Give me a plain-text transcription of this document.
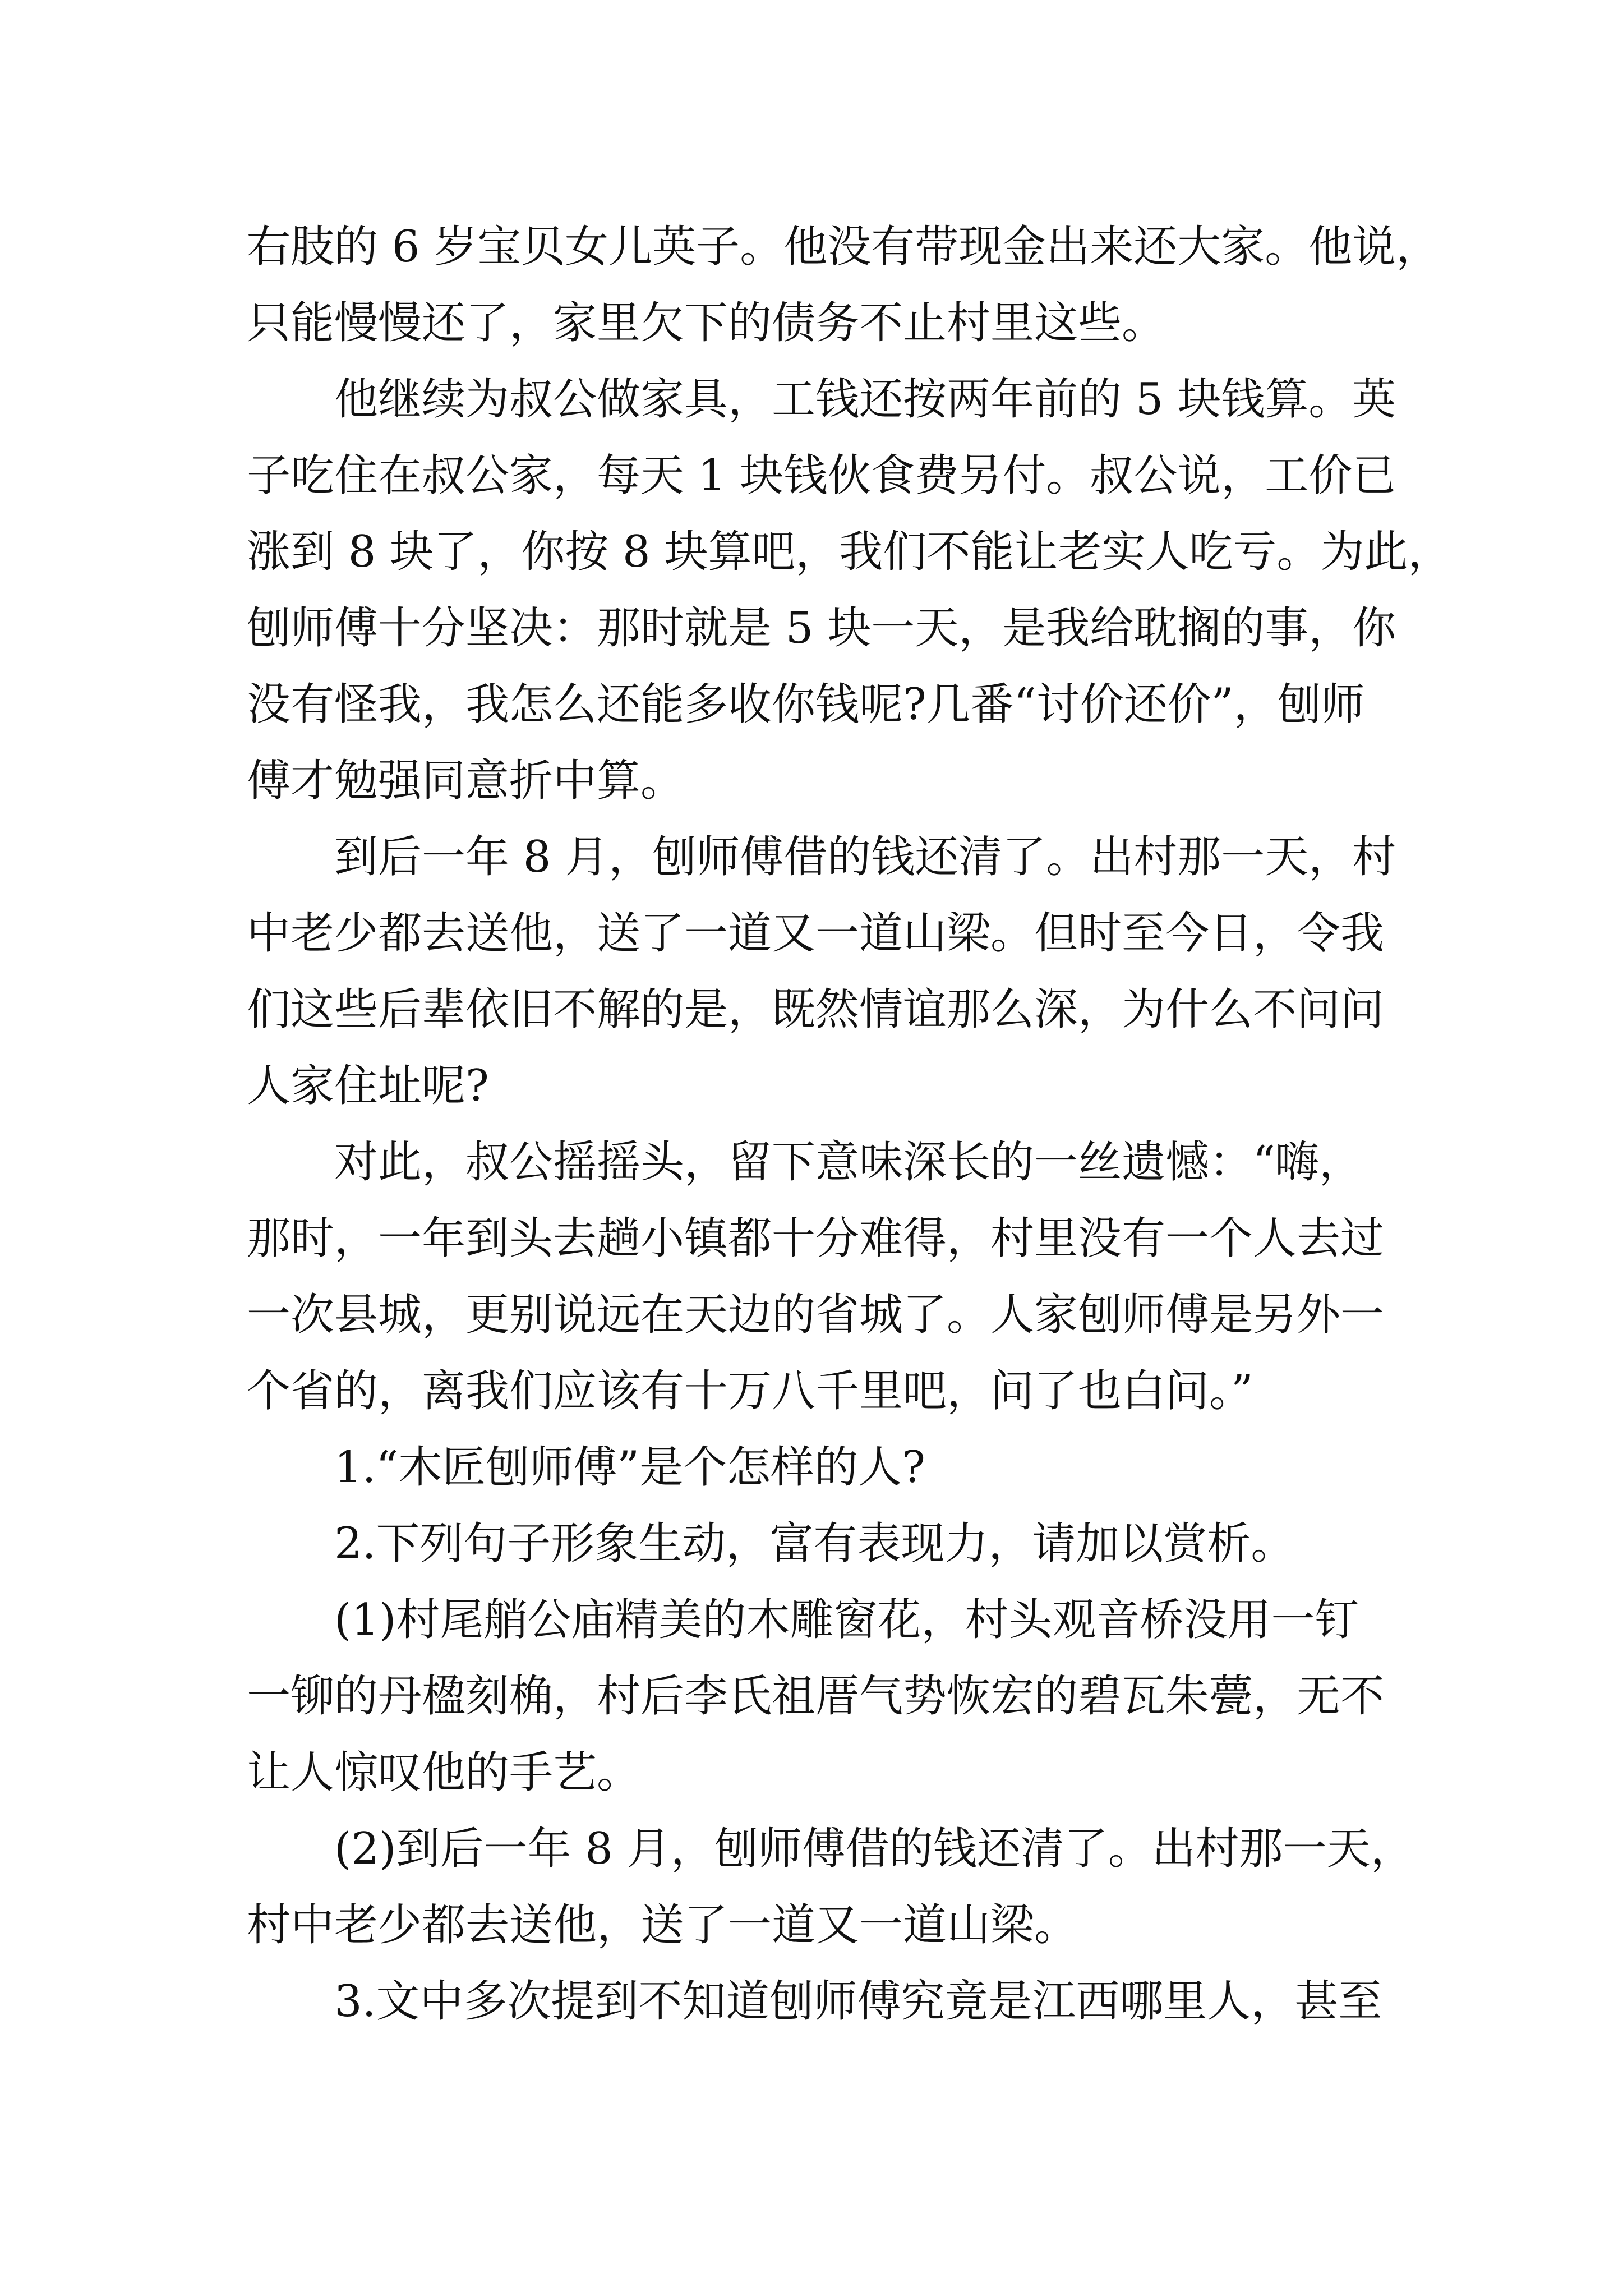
右肢的 6 岁宝贝女儿英子。他没有带现金出来还大家。他说，
只能慢慢还了，家里欠下的债务不止村里这些。
他继续为叔公做家具，工钱还按两年前的 5 块钱算。英
子吃住在叔公家，每天 1 块钱伙食费另付。叔公说，工价已
涨到 8 块了，你按 8 块算吧，我们不能让老实人吃亏。为此，
刨师傅十分坚决：那时就是 5 块一天，是我给耽搁的事，你
没有怪我，我怎么还能多收你钱呢?几番“讨价还价”，刨师
傅才勉强同意折中算。
到后一年 8 月，刨师傅借的钱还清了。出村那一天，村
中老少都去送他，送了一道又一道山梁。但时至今日，令我
们这些后辈依旧不解的是，既然情谊那么深，为什么不问问
人家住址呢?
对此，叔公摇摇头，留下意味深长的一丝遗憾：“嗨，
那时，一年到头去趟小镇都十分难得，村里没有一个人去过
一次县城，更别说远在天边的省城了。人家刨师傅是另外一
个省的，离我们应该有十万八千里吧，问了也白问。”
1.“木匠刨师傅”是个怎样的人?
2.下列句子形象生动，富有表现力，请加以赏析。
(1)村尾艄公庙精美的木雕窗花，村头观音桥没用一钉
一铆的丹楹刻桷，村后李氏祖厝气势恢宏的碧瓦朱甍，无不
让人惊叹他的手艺。
(2)到后一年 8 月，刨师傅借的钱还清了。出村那一天，
村中老少都去送他，送了一道又一道山梁。
3.文中多次提到不知道刨师傅究竟是江西哪里人，甚至
